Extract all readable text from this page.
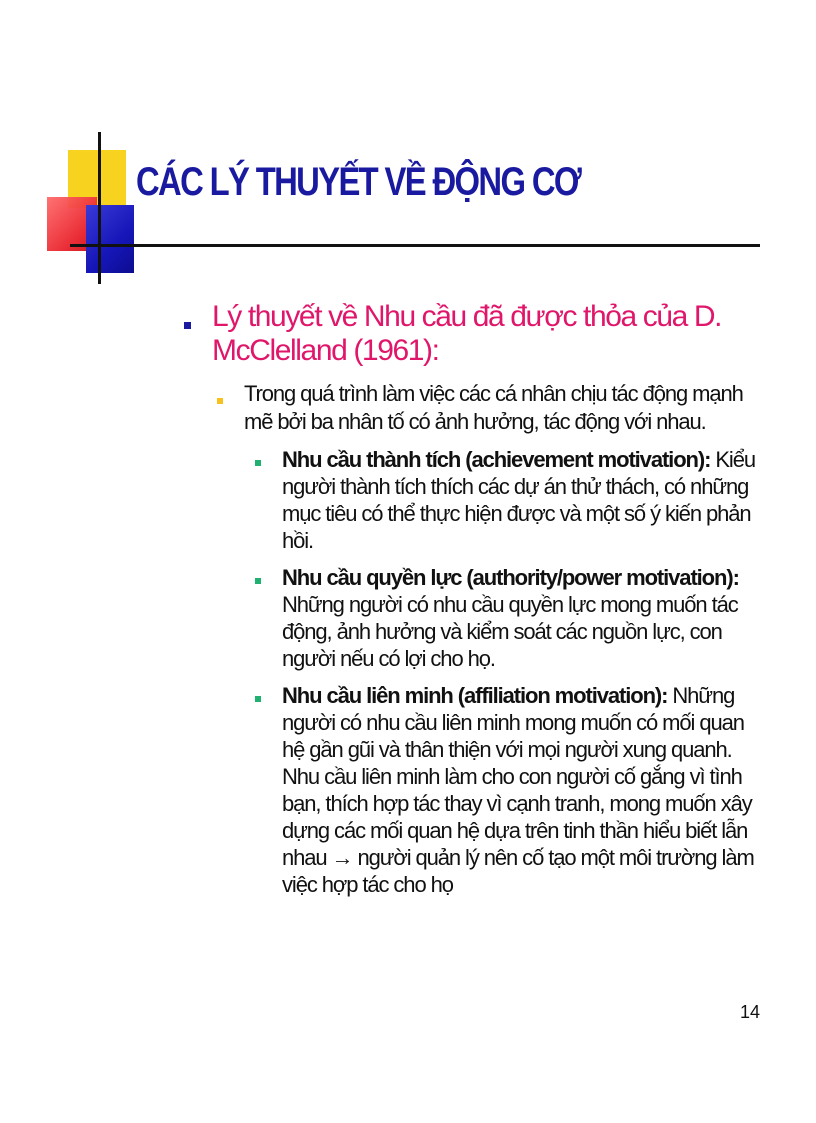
CÁC LÝ THUYẾT VỀ ĐỘNG CƠ
Lý thuyết về Nhu cầu đã được thỏa của D. McClelland (1961):
Trong quá trình làm việc các cá nhân chịu tác động mạnh mẽ bởi ba nhân tố có ảnh hưởng, tác động với nhau.
Nhu cầu thành tích (achievement motivation): Kiểu người thành tích thích các dự án thử thách, có những mục tiêu có thể thực hiện được và một số ý kiến phản hồi.
Nhu cầu quyền lực (authority/power motivation): Những người có nhu cầu quyền lực mong muốn tác động, ảnh hưởng và kiểm soát các nguồn lực, con người nếu có lợi cho họ.
Nhu cầu liên minh (affiliation motivation): Những người có nhu cầu liên minh mong muốn có mối quan hệ gần gũi và thân thiện với mọi người xung quanh. Nhu cầu liên minh làm cho con người cố gắng vì tình bạn, thích hợp tác thay vì cạnh tranh, mong muốn xây dựng các mối quan hệ dựa trên tinh thần hiểu biết lẫn nhau → người quản lý nên cố tạo một môi trường làm việc hợp tác cho họ
14
